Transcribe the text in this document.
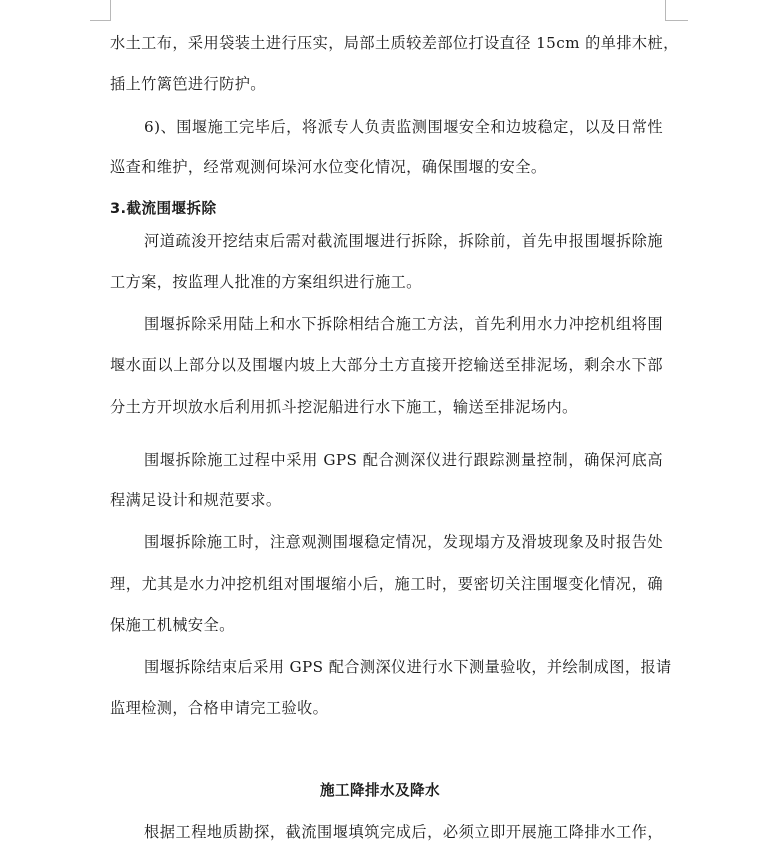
水土工布，采用袋装土进行压实，局部土质较差部位打设直径 15cm 的单排木桩，
插上竹篱笆进行防护。
6)、围堰施工完毕后，将派专人负责监测围堰安全和边坡稳定，以及日常性
巡查和维护，经常观测何垛河水位变化情况，确保围堰的安全。
3.截流围堰拆除
河道疏浚开挖结束后需对截流围堰进行拆除，拆除前，首先申报围堰拆除施
工方案，按监理人批准的方案组织进行施工。
围堰拆除采用陆上和水下拆除相结合施工方法，首先利用水力冲挖机组将围
堰水面以上部分以及围堰内坡上大部分土方直接开挖输送至排泥场，剩余水下部
分土方开坝放水后利用抓斗挖泥船进行水下施工，输送至排泥场内。
围堰拆除施工过程中采用 GPS 配合测深仪进行跟踪测量控制，确保河底高
程满足设计和规范要求。
围堰拆除施工时，注意观测围堰稳定情况，发现塌方及滑坡现象及时报告处
理，尤其是水力冲挖机组对围堰缩小后，施工时，要密切关注围堰变化情况，确
保施工机械安全。
围堰拆除结束后采用 GPS 配合测深仪进行水下测量验收，并绘制成图，报请
监理检测，合格申请完工验收。
施工降排水及降水
根据工程地质勘探，截流围堰填筑完成后，必须立即开展施工降排水工作，
